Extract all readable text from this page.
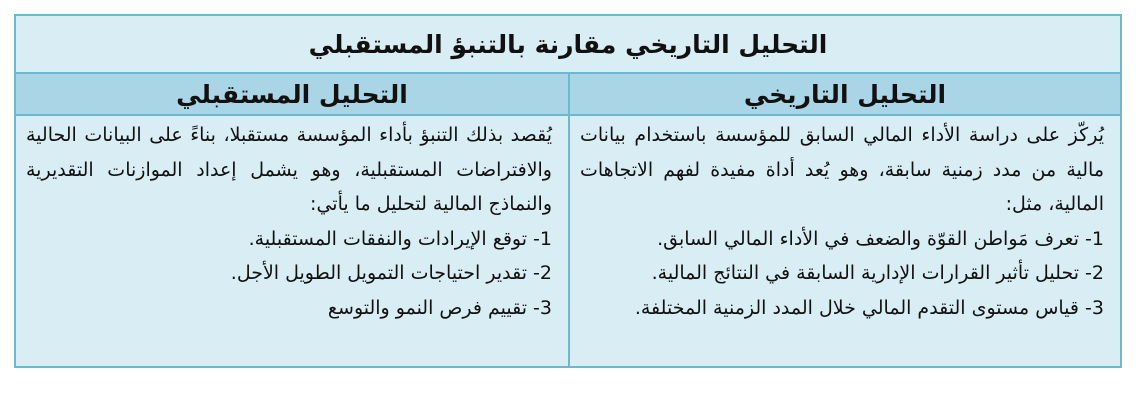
التحليل التاريخي مقارنة بالتنبؤ المستقبلي
التحليل التاريخي
التحليل المستقبلي

يُركّز على دراسة الأداء المالي السابق للمؤسسة باستخدام بيانات مالية من مدد زمنية سابقة، وهو يُعد أداة مفيدة لفهم الاتجاهات المالية، مثل:

1- تعرف مَواطن القوّة والضعف في الأداء المالي السابق.
2- تحليل تأثير القرارات الإدارية السابقة في النتائج المالية.
3- قياس مستوى التقدم المالي خلال المدد الزمنية المختلفة.

يُقصد بذلك التنبؤ بأداء المؤسسة مستقبلا، بناءً على البيانات الحالية والافتراضات المستقبلية، وهو يشمل إعداد الموازنات التقديرية والنماذج المالية لتحليل ما يأتي:

1- توقع الإيرادات والنفقات المستقبلية.
2- تقدير احتياجات التمويل الطويل الأجل.
3- تقييم فرص النمو والتوسع
